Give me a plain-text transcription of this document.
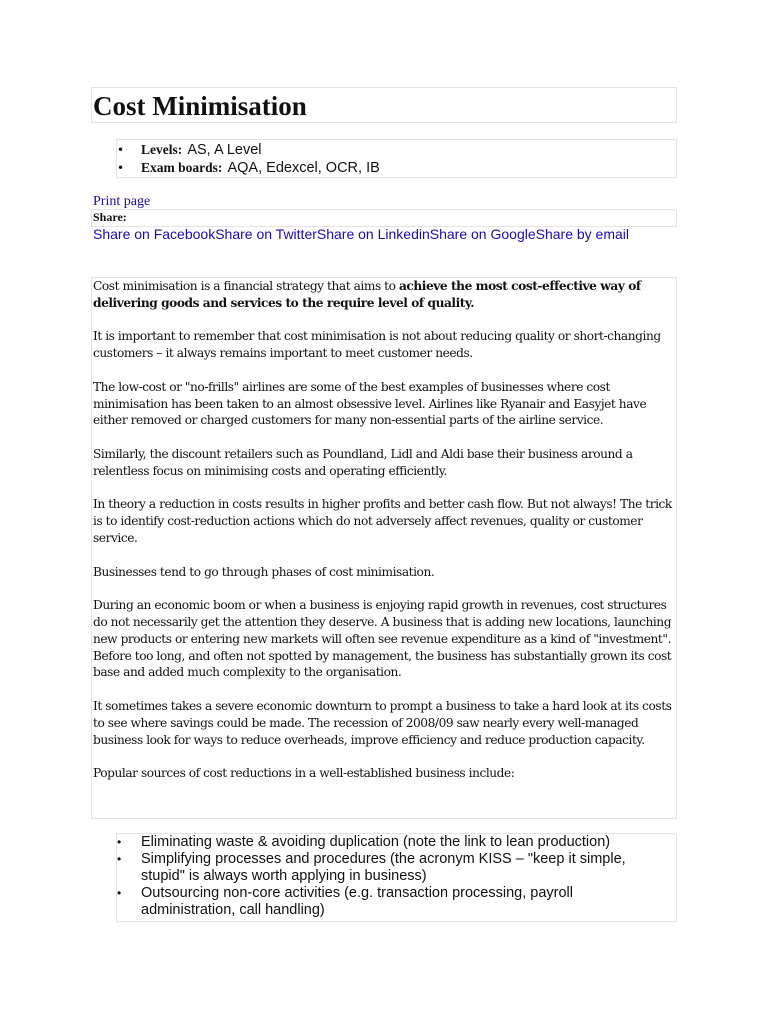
Cost Minimisation
• Levels: AS, A Level
• Exam boards: AQA, Edexcel, OCR, IB
Print page
Share:
Share on FacebookShare on TwitterShare on LinkedinShare on GoogleShare by email

Cost minimisation is a financial strategy that aims to achieve the most cost-effective way of delivering goods and services to the require level of quality.

It is important to remember that cost minimisation is not about reducing quality or short-changing customers – it always remains important to meet customer needs.

The low-cost or "no-frills" airlines are some of the best examples of businesses where cost minimisation has been taken to an almost obsessive level. Airlines like Ryanair and Easyjet have either removed or charged customers for many non-essential parts of the airline service.

Similarly, the discount retailers such as Poundland, Lidl and Aldi base their business around a relentless focus on minimising costs and operating efficiently.

In theory a reduction in costs results in higher profits and better cash flow. But not always! The trick is to identify cost-reduction actions which do not adversely affect revenues, quality or customer service.

Businesses tend to go through phases of cost minimisation.

During an economic boom or when a business is enjoying rapid growth in revenues, cost structures do not necessarily get the attention they deserve. A business that is adding new locations, launching new products or entering new markets will often see revenue expenditure as a kind of "investment". Before too long, and often not spotted by management, the business has substantially grown its cost base and added much complexity to the organisation.

It sometimes takes a severe economic downturn to prompt a business to take a hard look at its costs to see where savings could be made. The recession of 2008/09 saw nearly every well-managed business look for ways to reduce overheads, improve efficiency and reduce production capacity.

Popular sources of cost reductions in a well-established business include:

•	Eliminating waste & avoiding duplication (note the link to lean production)
•	Simplifying processes and procedures (the acronym KISS – "keep it simple, stupid" is always worth applying in business)
•	Outsourcing non-core activities (e.g. transaction processing, payroll administration, call handling)
